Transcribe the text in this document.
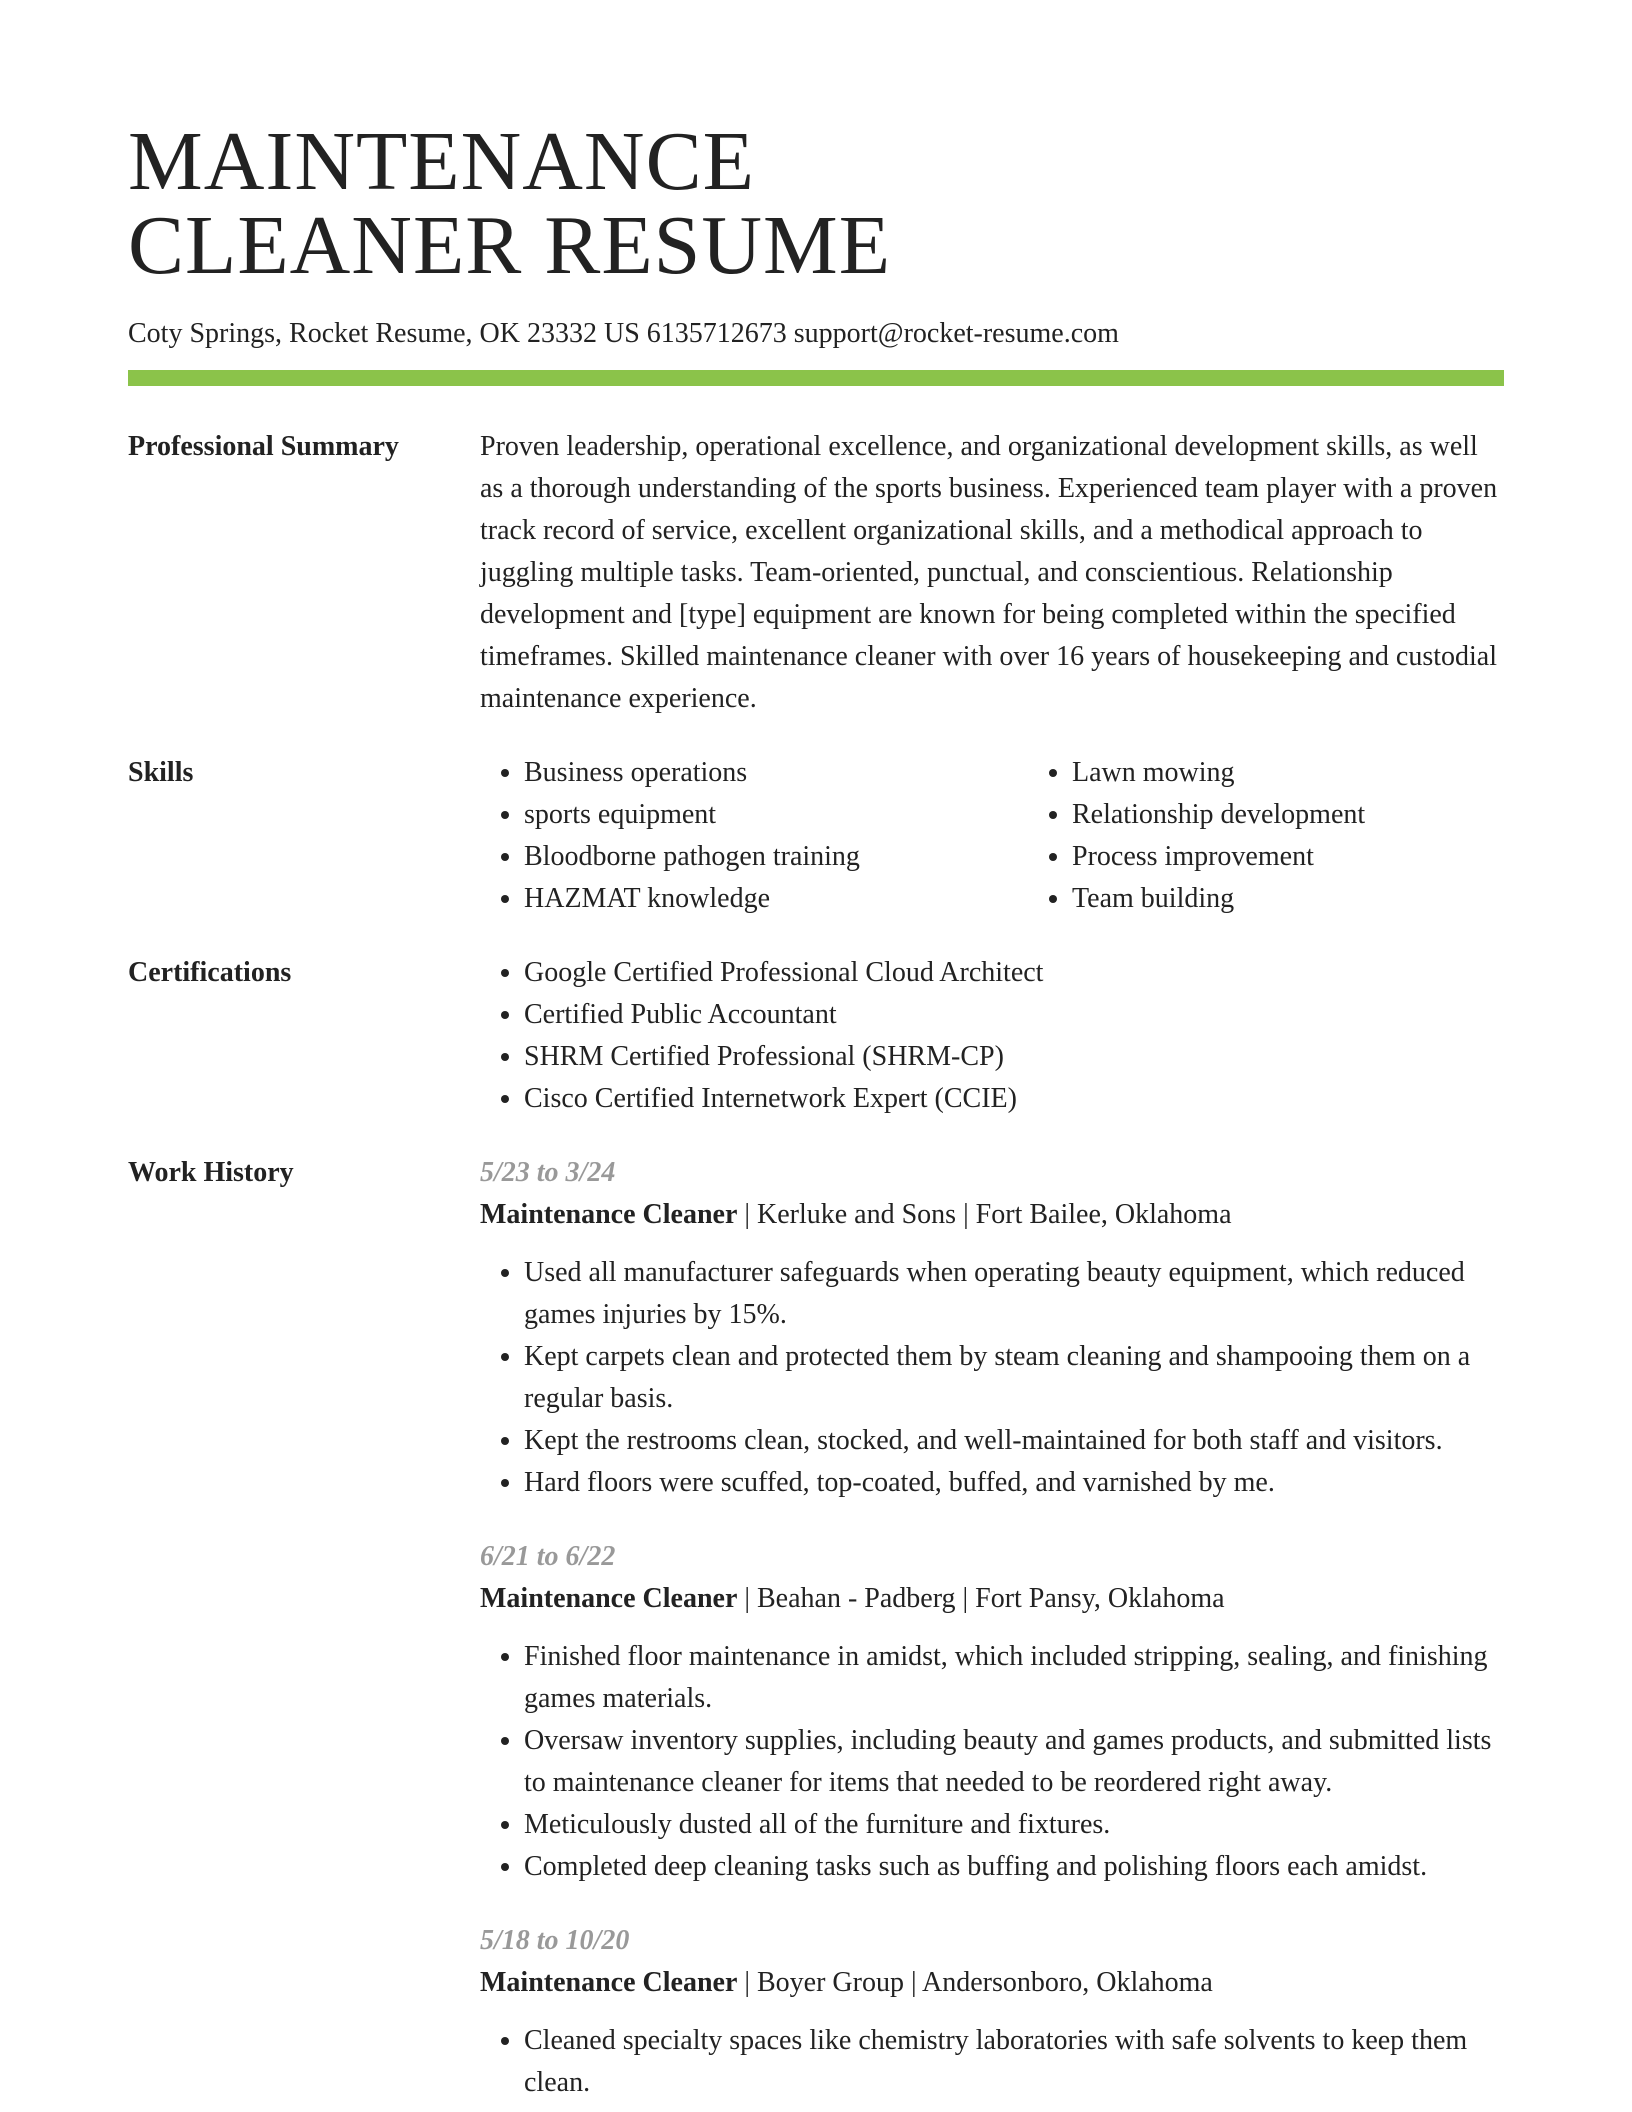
MAINTENANCE
CLEANER RESUME
Coty Springs, Rocket Resume, OK 23332 US 6135712673 support@rocket-resume.com
Professional Summary	Proven leadership, operational excellence, and organizational development skills, as well as a thorough understanding of the sports business. Experienced team player with a proven track record of service, excellent organizational skills, and a methodical approach to juggling multiple tasks. Team-oriented, punctual, and conscientious. Relationship development and [type] equipment are known for being completed within the specified timeframes. Skilled maintenance cleaner with over 16 years of housekeeping and custodial maintenance experience.

Skills	• Business operations
• sports equipment
• Bloodborne pathogen training
• HAZMAT knowledge
• Lawn mowing
• Relationship development
• Process improvement
• Team building
Certifications	• Google Certified Professional Cloud Architect
• Certified Public Accountant
• SHRM Certified Professional (SHRM-CP)
• Cisco Certified Internetwork Expert (CCIE)
Work History	5/23 to 3/24
Maintenance Cleaner | Kerluke and Sons | Fort Bailee, Oklahoma
• Used all manufacturer safeguards when operating beauty equipment, which reduced games injuries by 15%.
• Kept carpets clean and protected them by steam cleaning and shampooing them on a regular basis.
• Kept the restrooms clean, stocked, and well-maintained for both staff and visitors.
• Hard floors were scuffed, top-coated, buffed, and varnished by me.
6/21 to 6/22
Maintenance Cleaner | Beahan - Padberg | Fort Pansy, Oklahoma
• Finished floor maintenance in amidst, which included stripping, sealing, and finishing games materials.
• Oversaw inventory supplies, including beauty and games products, and submitted lists to maintenance cleaner for items that needed to be reordered right away.
• Meticulously dusted all of the furniture and fixtures.
• Completed deep cleaning tasks such as buffing and polishing floors each amidst.
5/18 to 10/20
Maintenance Cleaner | Boyer Group | Andersonboro, Oklahoma
• Cleaned specialty spaces like chemistry laboratories with safe solvents to keep them clean.
